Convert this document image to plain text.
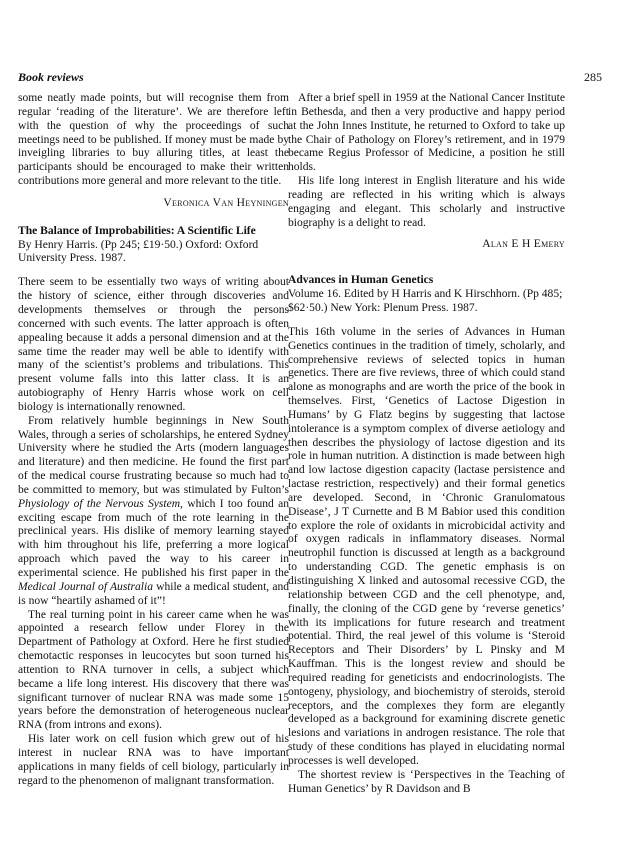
Book reviews	285

some neatly made points, but will recognise them from regular ‘reading of the literature’. We are therefore left with the question of why the proceedings of such meetings need to be published. If money must be made by inveigling libraries to buy alluring titles, at least the participants should be encouraged to make their written contributions more general and more relevant to the title.

Veronica Van Heyningen
The Balance of Improbabilities: A Scientific Life
By Henry Harris. (Pp 245; £19·50.) Oxford: Oxford University Press. 1987.

There seem to be essentially two ways of writing about the history of science, either through discoveries and developments themselves or through the persons concerned with such events. The latter approach is often appealing because it adds a personal dimension and at the same time the reader may well be able to identify with many of the scientist’s problems and tribulations. This present volume falls into this latter class. It is an autobiography of Henry Harris whose work on cell biology is internationally renowned.

From relatively humble beginnings in New South Wales, through a series of scholarships, he entered Sydney University where he studied the Arts (modern languages and literature) and then medicine. He found the first part of the medical course frustrating because so much had to be committed to memory, but was stimulated by Fulton’s Physiology of the Nervous System, which I too found an exciting escape from much of the rote learning in the preclinical years. His dislike of memory learning stayed with him throughout his life, preferring a more logical approach which paved the way to his career in experimental science. He published his first paper in the Medical Journal of Australia while a medical student, and is now “heartily ashamed of it”!

The real turning point in his career came when he was appointed a research fellow under Florey in the Department of Pathology at Oxford. Here he first studied chemotactic responses in leucocytes but soon turned his attention to RNA turnover in cells, a subject which became a life long interest. His discovery that there was significant turnover of nuclear RNA was made some 15 years before the demonstration of heterogeneous nuclear RNA (from introns and exons).

His later work on cell fusion which grew out of his interest in nuclear RNA was to have important applications in many fields of cell biology, particularly in regard to the phenomenon of malignant transformation.

After a brief spell in 1959 at the National Cancer Institute in Bethesda, and then a very productive and happy period at the John Innes Institute, he returned to Oxford to take up the Chair of Pathology on Florey’s retirement, and in 1979 became Regius Professor of Medicine, a position he still holds.

His life long interest in English literature and his wide reading are reflected in his writing which is always engaging and elegant. This scholarly and instructive biography is a delight to read.

Alan E H Emery
Advances in Human Genetics
Volume 16. Edited by H Harris and K Hirschhorn. (Pp 485; $62·50.) New York: Plenum Press. 1987.

This 16th volume in the series of Advances in Human Genetics continues in the tradition of timely, scholarly, and comprehensive reviews of selected topics in human genetics. There are five reviews, three of which could stand alone as monographs and are worth the price of the book in themselves. First, ‘Genetics of Lactose Digestion in Humans’ by G Flatz begins by suggesting that lactose intolerance is a symptom complex of diverse aetiology and then describes the physiology of lactose digestion and its role in human nutrition. A distinction is made between high and low lactose digestion capacity (lactase persistence and lactase restriction, respectively) and their formal genetics are developed. Second, in ‘Chronic Granulomatous Disease’, J T Curnette and B M Babior used this condition to explore the role of oxidants in microbicidal activity and of oxygen radicals in inflammatory diseases. Normal neutrophil function is discussed at length as a background to understanding CGD. The genetic emphasis is on distinguishing X linked and autosomal recessive CGD, the relationship between CGD and the cell phenotype, and, finally, the cloning of the CGD gene by ‘reverse genetics’ with its implications for future research and treatment potential. Third, the real jewel of this volume is ‘Steroid Receptors and Their Disorders’ by L Pinsky and M Kauffman. This is the longest review and should be required reading for geneticists and endocrinologists. The ontogeny, physiology, and biochemistry of steroids, steroid receptors, and the complexes they form are elegantly developed as a background for examining discrete genetic lesions and variations in androgen resistance. The role that study of these conditions has played in elucidating normal processes is well developed.

The shortest review is ‘Perspectives in the Teaching of Human Genetics’ by R Davidson and B
